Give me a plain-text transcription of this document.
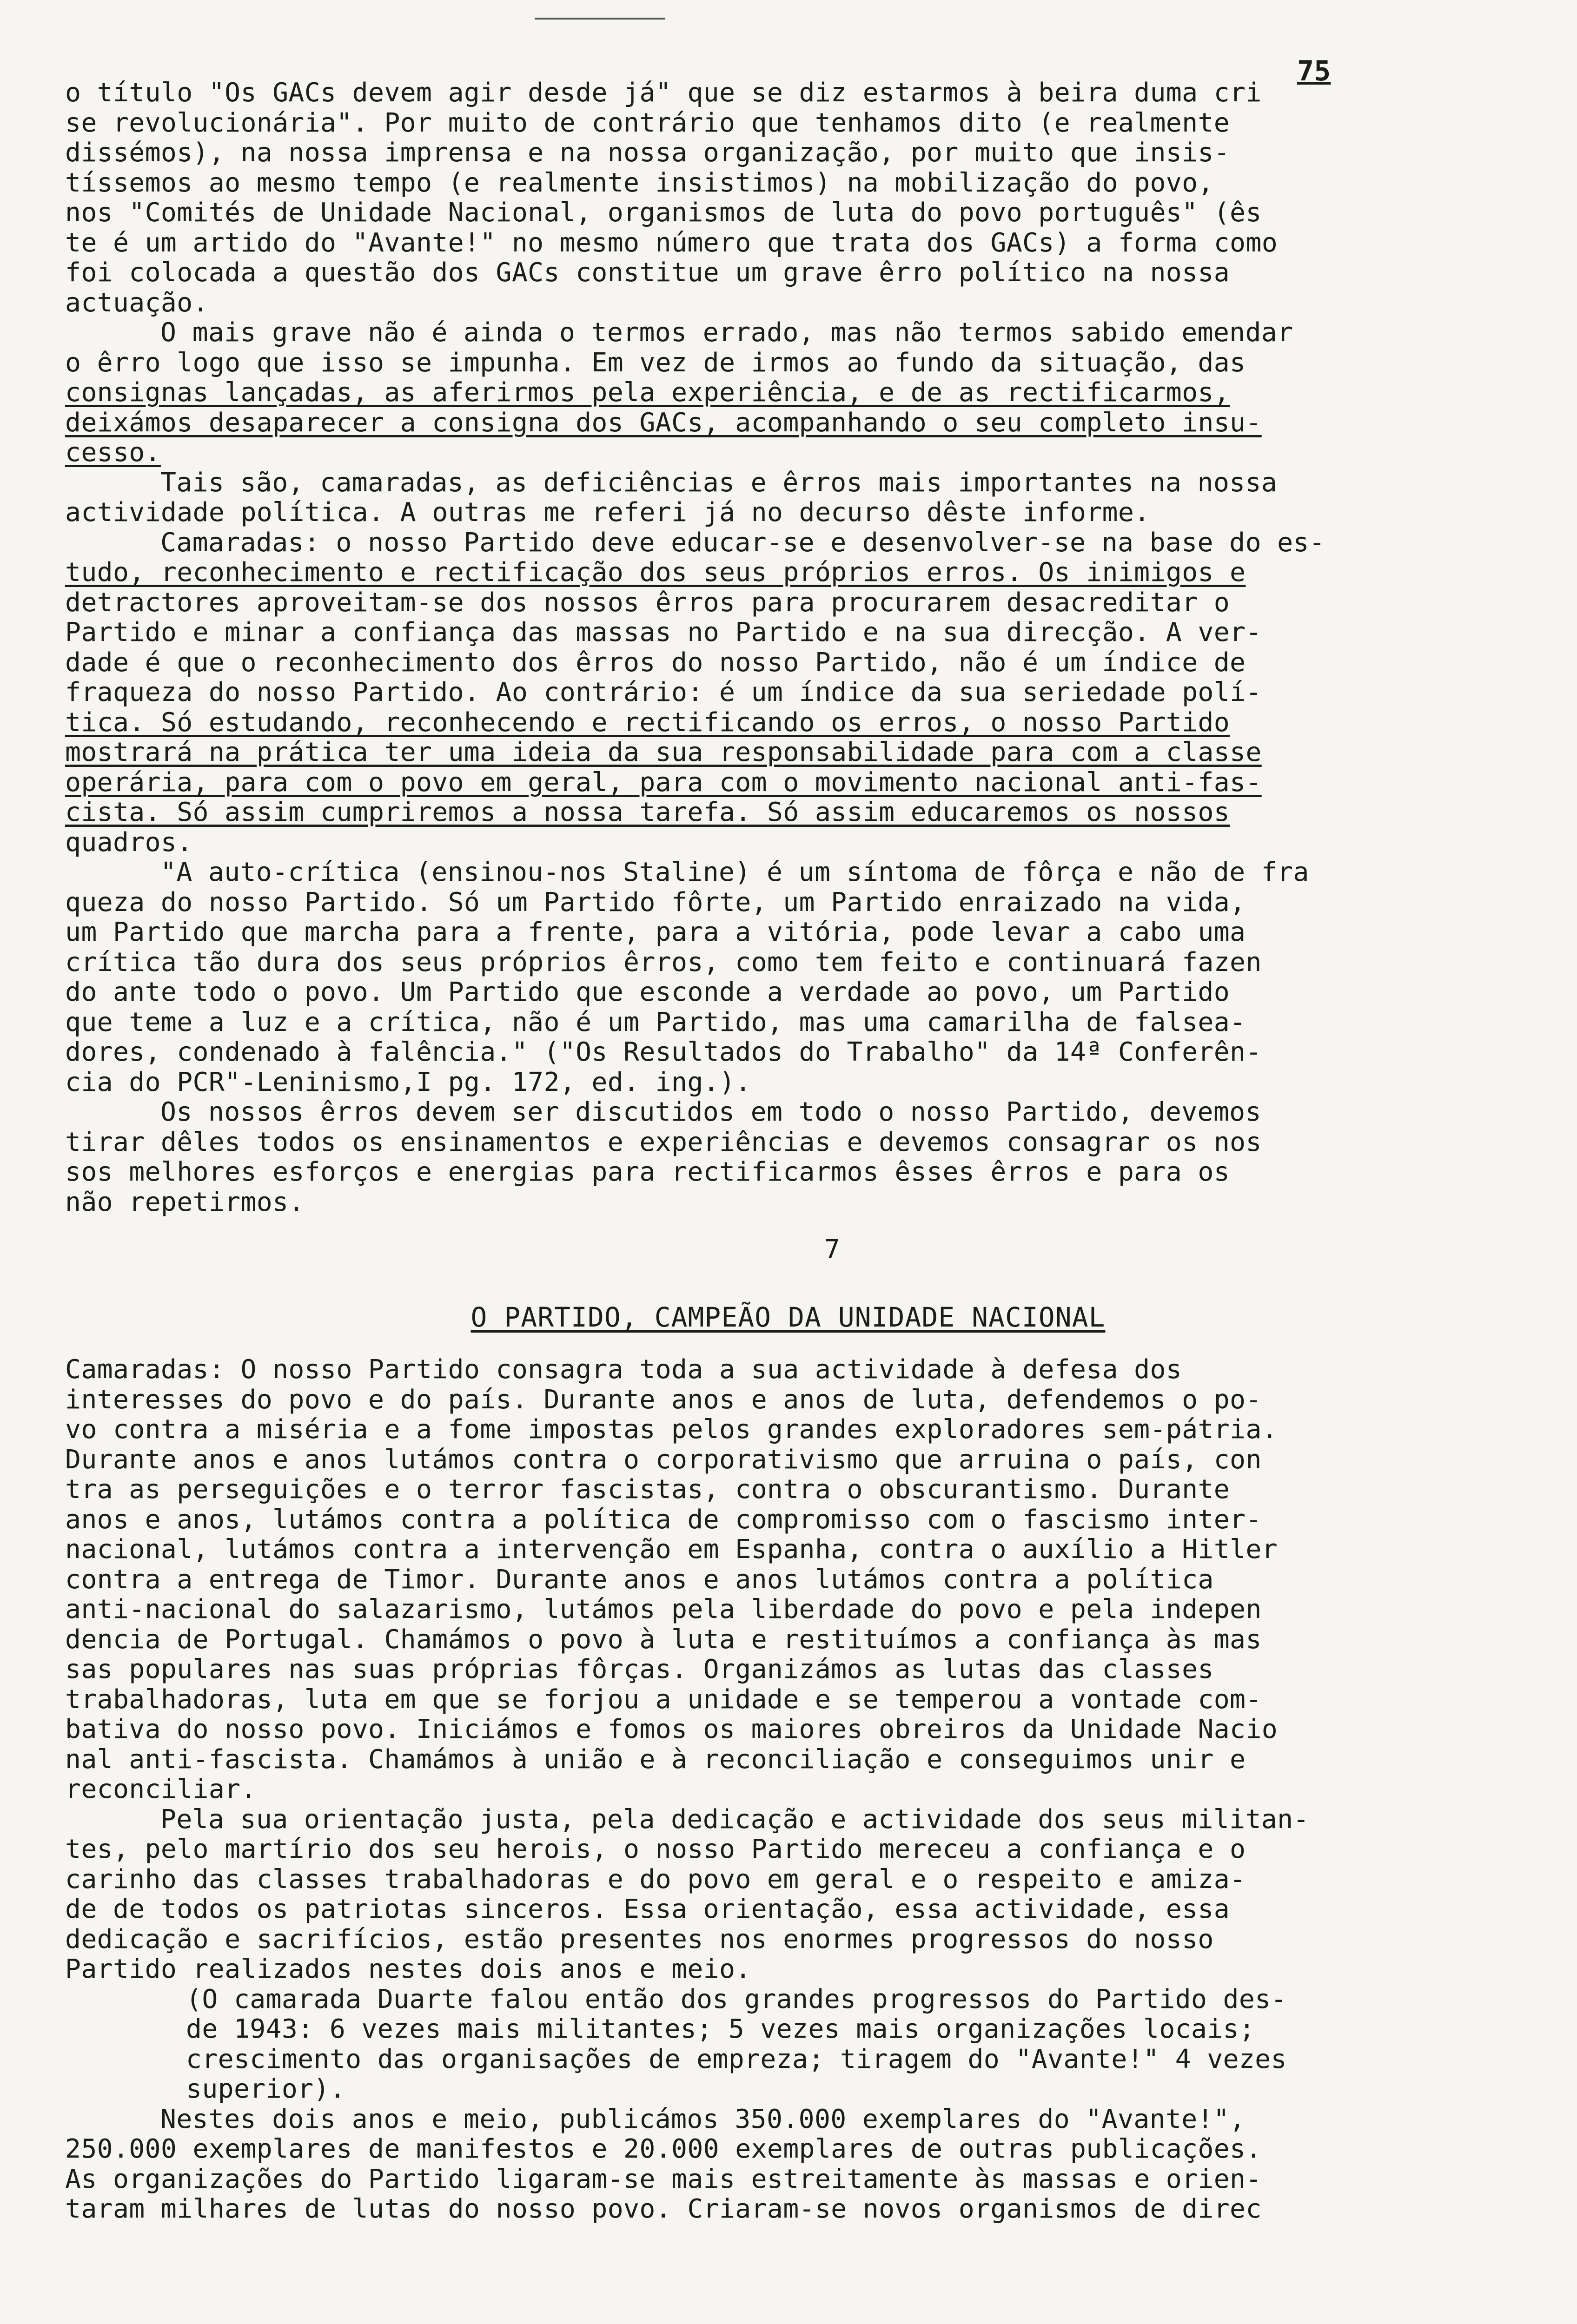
75
o título "Os GACs devem agir desde já" que se diz estarmos à beira duma cri
se revolucionária". Por muito de contrário que tenhamos dito (e realmente
dissémos), na nossa imprensa e na nossa organização, por muito que insis-
tíssemos ao mesmo tempo (e realmente insistimos) na mobilização do povo,
nos "Comités de Unidade Nacional, organismos de luta do povo português" (ês
te é um artido do "Avante!" no mesmo número que trata dos GACs) a forma como
foi colocada a questão dos GACs constitue um grave êrro político na nossa
actuação.
O mais grave não é ainda o termos errado, mas não termos sabido emendar
o êrro logo que isso se impunha. Em vez de irmos ao fundo da situação, das
consignas lançadas, as aferirmos pela experiência, e de as rectificarmos,
deixámos desaparecer a consigna dos GACs, acompanhando o seu completo insu-
cesso.
Tais são, camaradas, as deficiências e êrros mais importantes na nossa
actividade política. A outras me referi já no decurso dêste informe.
Camaradas: o nosso Partido deve educar-se e desenvolver-se na base do es-
tudo, reconhecimento e rectificação dos seus próprios erros. Os inimigos e
detractores aproveitam-se dos nossos êrros para procurarem desacreditar o
Partido e minar a confiança das massas no Partido e na sua direcção. A ver-
dade é que o reconhecimento dos êrros do nosso Partido, não é um índice de
fraqueza do nosso Partido. Ao contrário: é um índice da sua seriedade polí-
tica. Só estudando, reconhecendo e rectificando os erros, o nosso Partido
mostrará na prática ter uma ideia da sua responsabilidade para com a classe
operária, para com o povo em geral, para com o movimento nacional anti-fas-
cista. Só assim cumpriremos a nossa tarefa. Só assim educaremos os nossos
quadros.
"A auto-crítica (ensinou-nos Staline) é um síntoma de fôrça e não de fra
queza do nosso Partido. Só um Partido fôrte, um Partido enraizado na vida,
um Partido que marcha para a frente, para a vitória, pode levar a cabo uma
crítica tão dura dos seus próprios êrros, como tem feito e continuará fazen
do ante todo o povo. Um Partido que esconde a verdade ao povo, um Partido
que teme a luz e a crítica, não é um Partido, mas uma camarilha de falsea-
dores, condenado à falência." ("Os Resultados do Trabalho" da 14ª Conferên-
cia do PCR"-Leninismo,I pg. 172, ed. ing.).
Os nossos êrros devem ser discutidos em todo o nosso Partido, devemos
tirar dêles todos os ensinamentos e experiências e devemos consagrar os nos
sos melhores esforços e energias para rectificarmos êsses êrros e para os
não repetirmos.
7
O PARTIDO, CAMPEÃO DA UNIDADE NACIONAL
Camaradas: O nosso Partido consagra toda a sua actividade à defesa dos
interesses do povo e do país. Durante anos e anos de luta, defendemos o po-
vo contra a miséria e a fome impostas pelos grandes exploradores sem-pátria.
Durante anos e anos lutámos contra o corporativismo que arruina o país, con
tra as perseguições e o terror fascistas, contra o obscurantismo. Durante
anos e anos, lutámos contra a política de compromisso com o fascismo inter-
nacional, lutámos contra a intervenção em Espanha, contra o auxílio a Hitler
contra a entrega de Timor. Durante anos e anos lutámos contra a política
anti-nacional do salazarismo, lutámos pela liberdade do povo e pela indepen
dencia de Portugal. Chamámos o povo à luta e restituímos a confiança às mas
sas populares nas suas próprias fôrças. Organizámos as lutas das classes
trabalhadoras, luta em que se forjou a unidade e se temperou a vontade com-
bativa do nosso povo. Iniciámos e fomos os maiores obreiros da Unidade Nacio
nal anti-fascista. Chamámos à união e à reconciliação e conseguimos unir e
reconciliar.
Pela sua orientação justa, pela dedicação e actividade dos seus militan-
tes, pelo martírio dos seu herois, o nosso Partido mereceu a confiança e o
carinho das classes trabalhadoras e do povo em geral e o respeito e amiza-
de de todos os patriotas sinceros. Essa orientação, essa actividade, essa
dedicação e sacrifícios, estão presentes nos enormes progressos do nosso
Partido realizados nestes dois anos e meio.
(O camarada Duarte falou então dos grandes progressos do Partido des-
de 1943: 6 vezes mais militantes; 5 vezes mais organizações locais;
crescimento das organisações de empreza; tiragem do "Avante!" 4 vezes
superior).
Nestes dois anos e meio, publicámos 350.000 exemplares do "Avante!",
250.000 exemplares de manifestos e 20.000 exemplares de outras publicações.
As organizações do Partido ligaram-se mais estreitamente às massas e orien-
taram milhares de lutas do nosso povo. Criaram-se novos organismos de direc
